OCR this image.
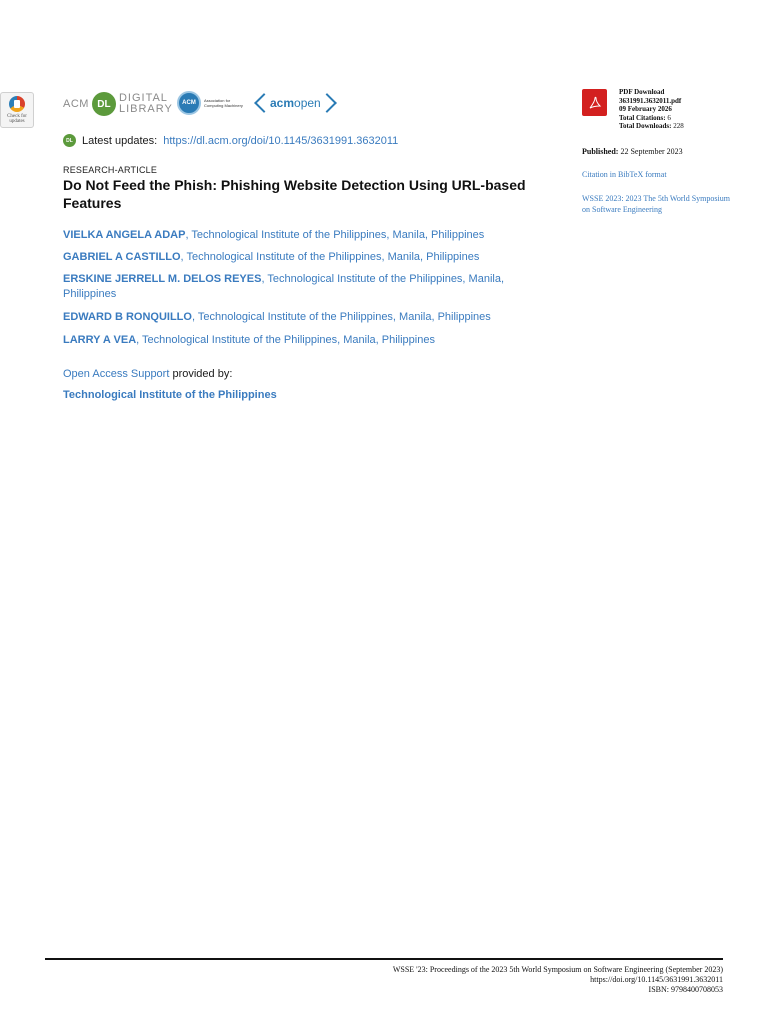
Check for updates
ACM DL DIGITAL
LIBRARY	ACM	Association for Computing Machinery	acmopen
DL Latest updates: https://dl.acm.org/doi/10.1145/3631991.3632011
RESEARCH-ARTICLE
Do Not Feed the Phish: Phishing Website Detection Using URL-based Features
VIELKA ANGELA ADAP, Technological Institute of the Philippines, Manila, Philippines
GABRIEL A CASTILLO, Technological Institute of the Philippines, Manila, Philippines
ERSKINE JERRELL M. DELOS REYES, Technological Institute of the Philippines, Manila, Philippines
EDWARD B RONQUILLO, Technological Institute of the Philippines, Manila, Philippines
LARRY A VEA, Technological Institute of the Philippines, Manila, Philippines
Open Access Support provided by:
Technological Institute of the Philippines
PDF Download
3631991.3632011.pdf
09 February 2026
Total Citations: 6
Total Downloads: 228
Published: 22 September 2023
Citation in BibTeX format
WSSE 2023: 2023 The 5th World Symposium on Software Engineering
WSSE '23: Proceedings of the 2023 5th World Symposium on Software Engineering (September 2023)
https://doi.org/10.1145/3631991.3632011
ISBN: 9798400708053
